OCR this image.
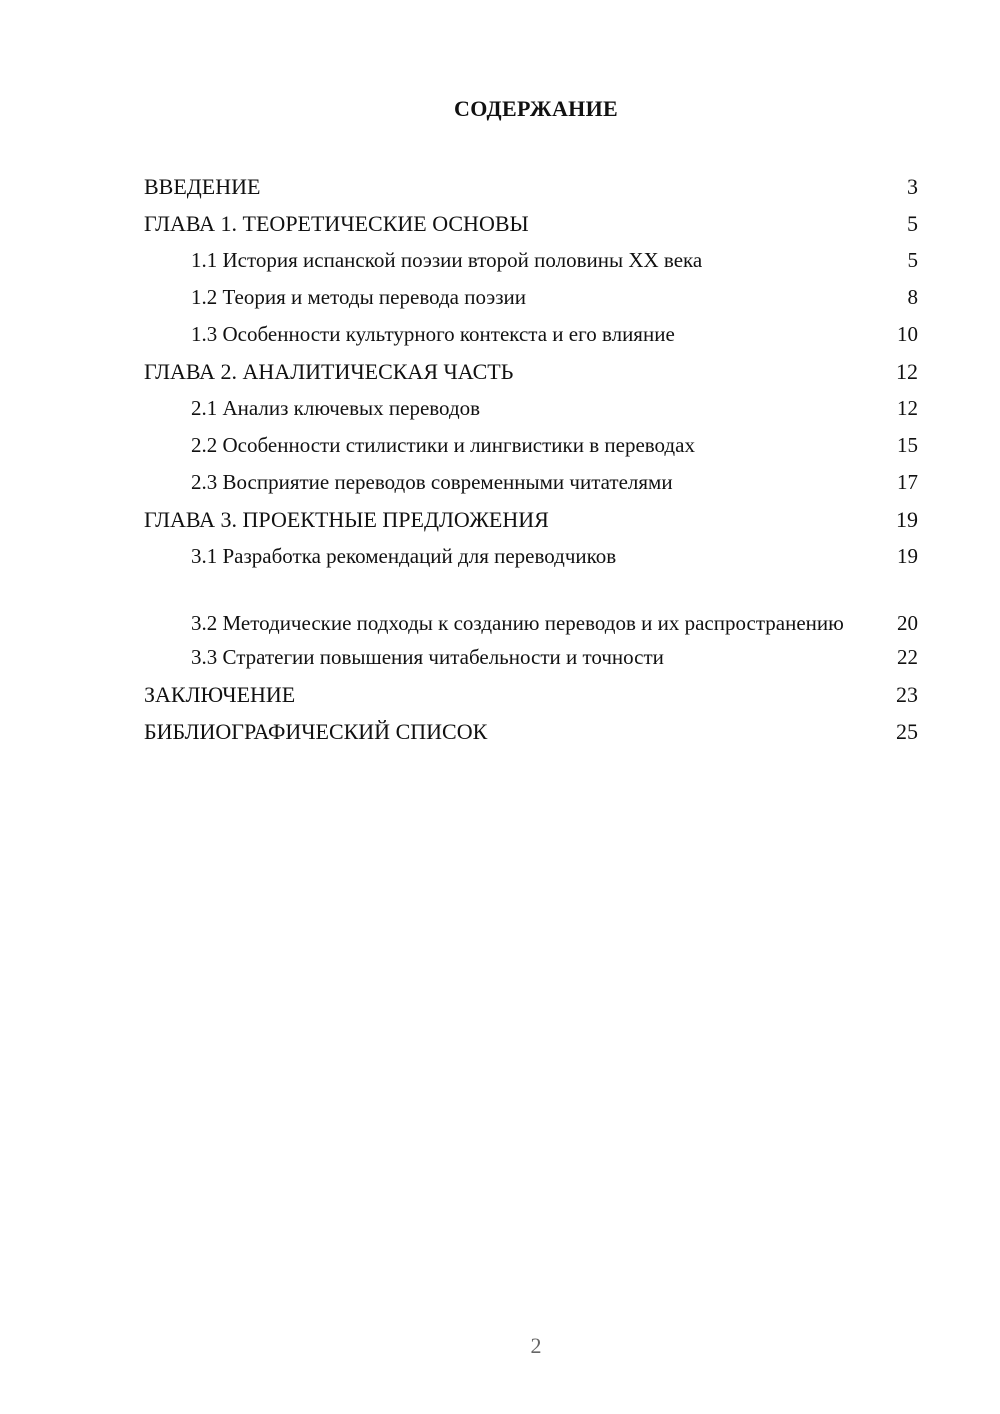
СОДЕРЖАНИЕ
ВВЕДЕНИЕ	3
ГЛАВА 1. ТЕОРЕТИЧЕСКИЕ ОСНОВЫ	5
1.1 История испанской поэзии второй половины XX века	5
1.2 Теория и методы перевода поэзии	8
1.3 Особенности культурного контекста и его влияние	10
ГЛАВА 2. АНАЛИТИЧЕСКАЯ ЧАСТЬ	12
2.1 Анализ ключевых переводов	12
2.2 Особенности стилистики и лингвистики в переводах	15
2.3 Восприятие переводов современными читателями	17
ГЛАВА 3. ПРОЕКТНЫЕ ПРЕДЛОЖЕНИЯ	19
3.1 Разработка рекомендаций для переводчиков	19
3.2 Методические подходы к созданию переводов и их распространению	20
3.3 Стратегии повышения читабельности и точности	22
ЗАКЛЮЧЕНИЕ	23
БИБЛИОГРАФИЧЕСКИЙ СПИСОК	25
2
